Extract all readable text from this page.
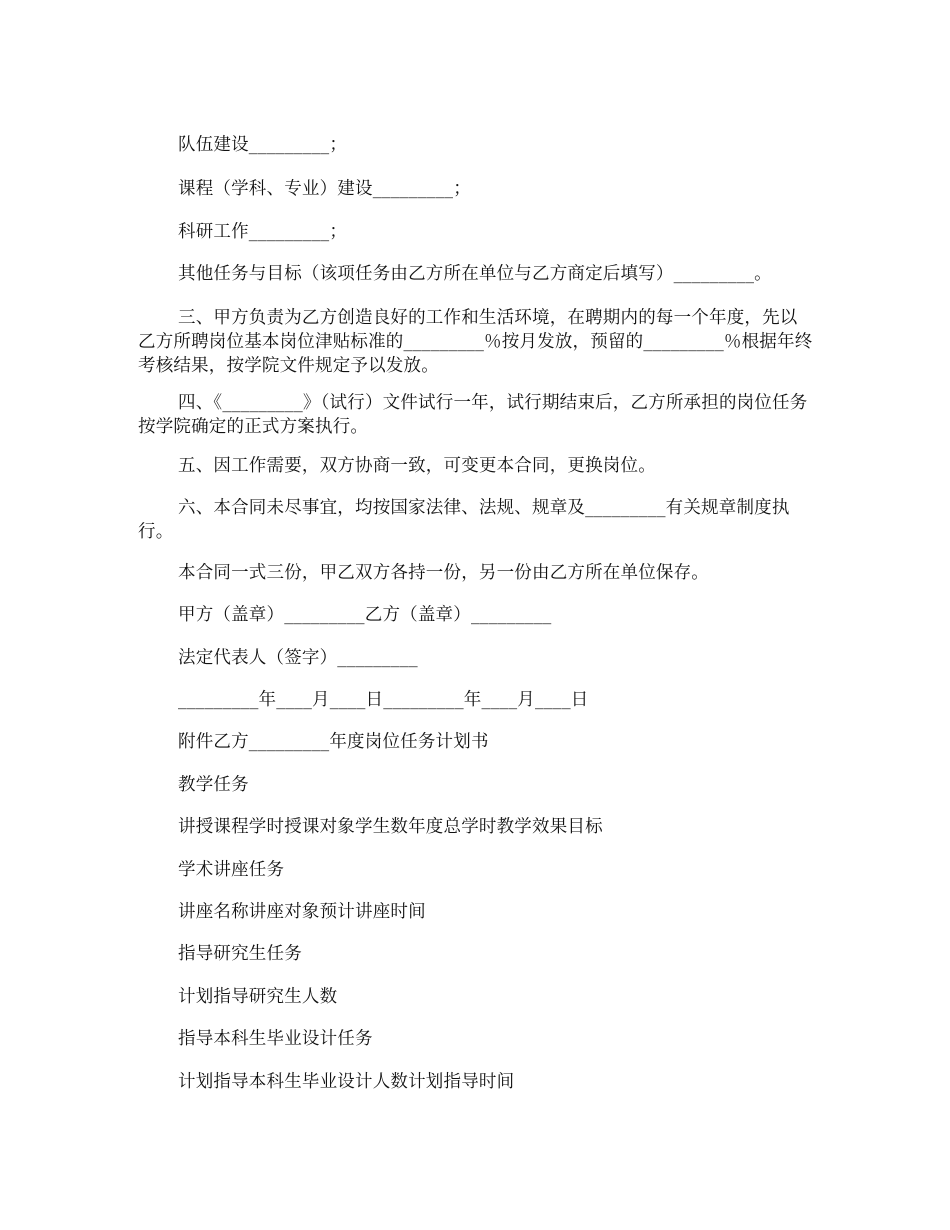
队伍建设_________；

课程（学科、专业）建设_________；

科研工作_________；

其他任务与目标（该项任务由乙方所在单位与乙方商定后填写）_________。

三、甲方负责为乙方创造良好的工作和生活环境，在聘期内的每一个年度，先以乙方所聘岗位基本岗位津贴标准的_________％按月发放，预留的_________％根据年终考核结果，按学院文件规定予以发放。

四、《_________》（试行）文件试行一年，试行期结束后，乙方所承担的岗位任务按学院确定的正式方案执行。

五、因工作需要，双方协商一致，可变更本合同，更换岗位。

六、本合同未尽事宜，均按国家法律、法规、规章及_________有关规章制度执行。

本合同一式三份，甲乙双方各持一份，另一份由乙方所在单位保存。

甲方（盖章）_________乙方（盖章）_________

法定代表人（签字）_________

_________年____月____日_________年____月____日

附件乙方_________年度岗位任务计划书

教学任务

讲授课程学时授课对象学生数年度总学时教学效果目标

学术讲座任务

讲座名称讲座对象预计讲座时间

指导研究生任务

计划指导研究生人数

指导本科生毕业设计任务

计划指导本科生毕业设计人数计划指导时间
